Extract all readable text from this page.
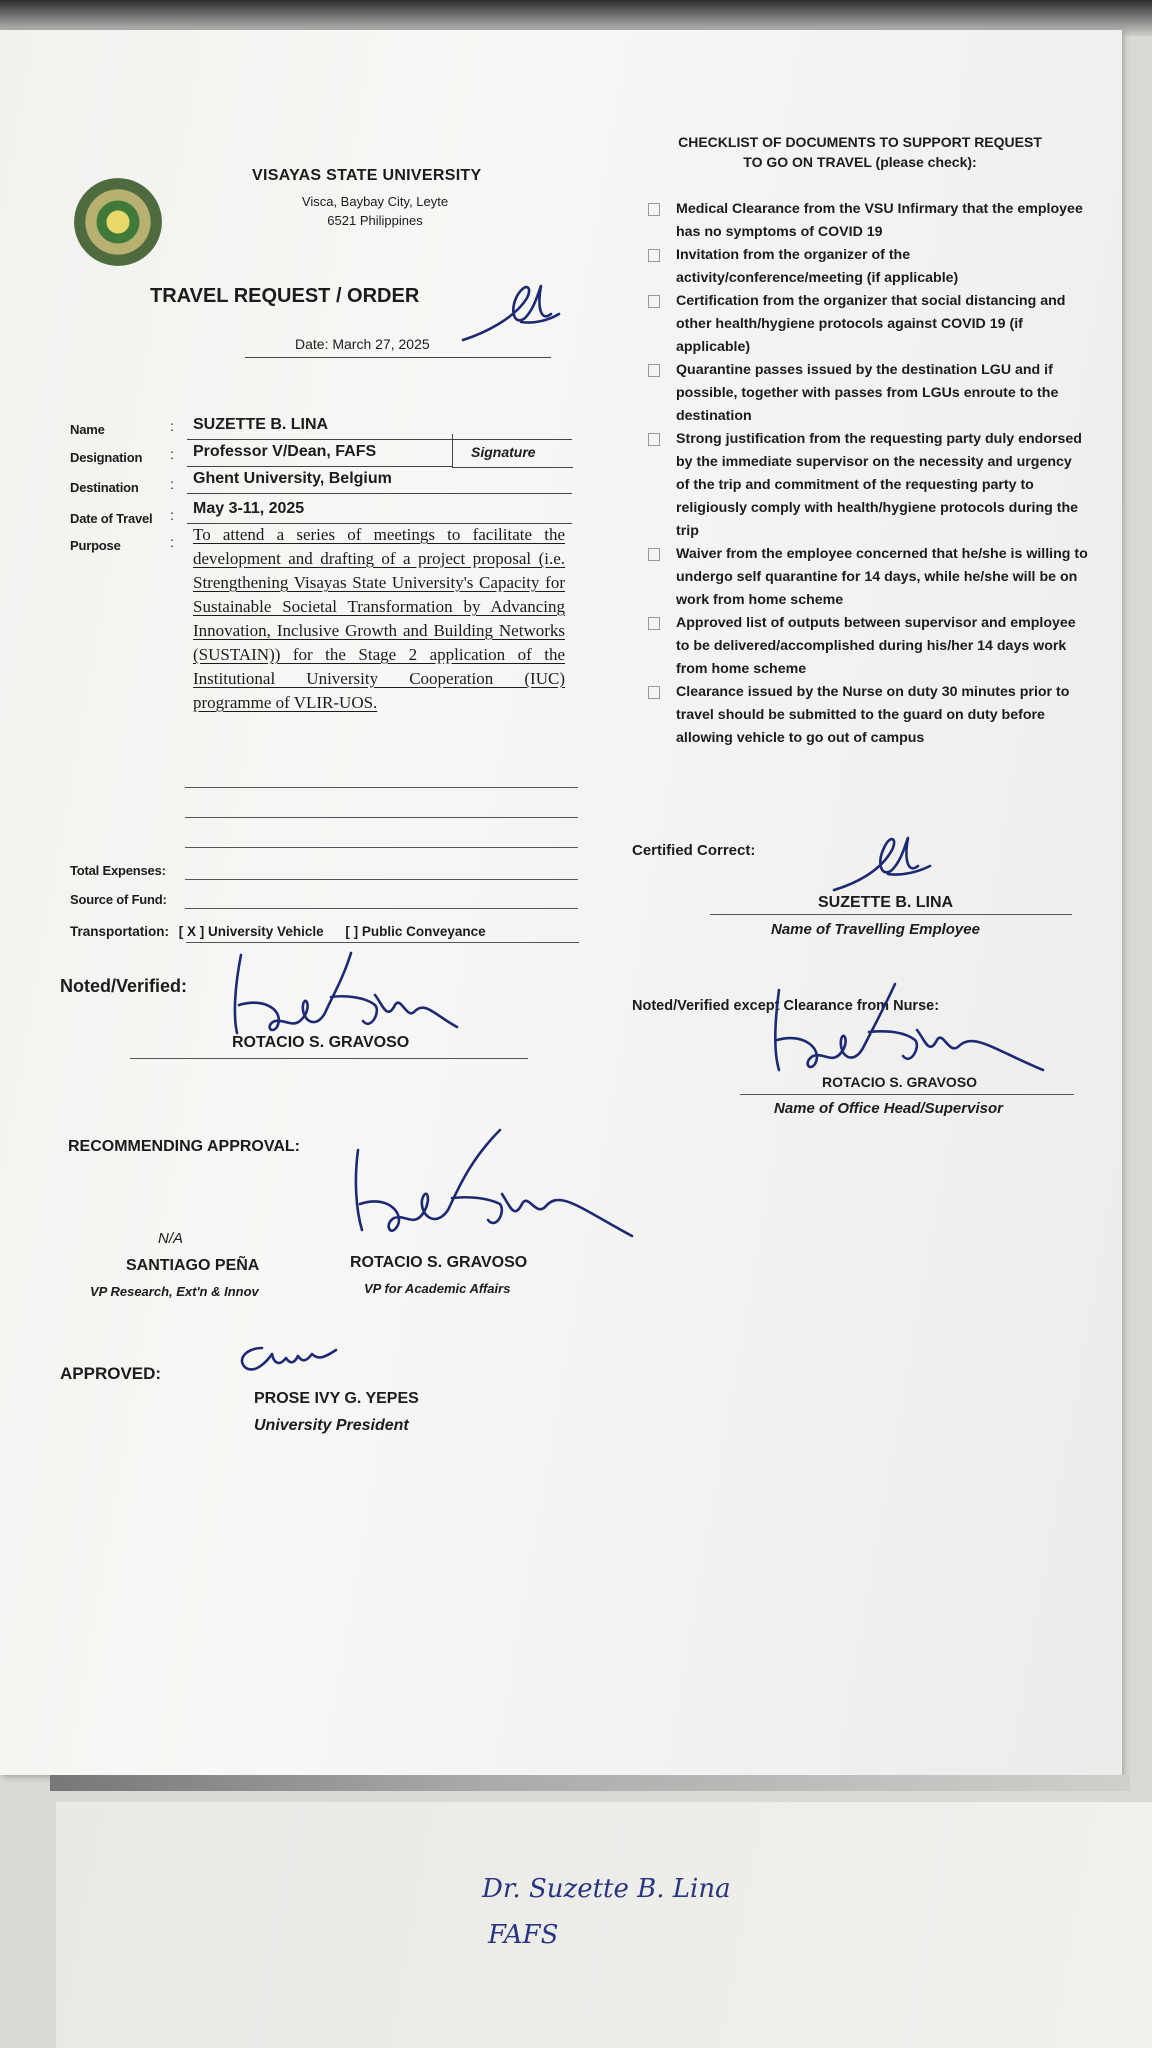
VISAYAS STATE UNIVERSITY
Visca, Baybay City, Leyte
6521 Philippines
TRAVEL REQUEST / ORDER
Date: March 27, 2025
Name	:	SUZETTE B. LINA
Designation :	Professor V/Dean, FAFS	Signature
Destination :	Ghent University, Belgium
Date of Travel :	May 3-11, 2025
Purpose	: To attend a series of meetings to facilitate the development and drafting of a project proposal (i.e. Strengthening Visayas State University's Capacity for Sustainable Societal Transformation by Advancing Innovation, Inclusive Growth and Building Networks (SUSTAIN)) for the Stage 2 application of the Institutional University Cooperation (IUC) programme of VLIR-UOS.
Total Expenses:
Source of Fund:
Transportation: [ X ] University Vehicle [ ] Public Conveyance
Noted/Verified:
ROTACIO S. GRAVOSO
RECOMMENDING APPROVAL:
N/A
SANTIAGO PEÑA
VP Research, Ext'n & Innov
ROTACIO S. GRAVOSO
VP for Academic Affairs
APPROVED:
PROSE IVY G. YEPES
University President
CHECKLIST OF DOCUMENTS TO SUPPORT REQUEST
TO GO ON TRAVEL (please check):
Medical Clearance from the VSU Infirmary that the employee has no symptoms of COVID 19
Invitation from the organizer of the activity/conference/meeting (if applicable)
Certification from the organizer that social distancing and other health/hygiene protocols against COVID 19 (if applicable)
Quarantine passes issued by the destination LGU and if possible, together with passes from LGUs enroute to the destination
Strong justification from the requesting party duly endorsed by the immediate supervisor on the necessity and urgency of the trip and commitment of the requesting party to religiously comply with health/hygiene protocols during the trip
Waiver from the employee concerned that he/she is willing to undergo self quarantine for 14 days, while he/she will be on work from home scheme
Approved list of outputs between supervisor and employee to be delivered/accomplished during his/her 14 days work from home scheme
Clearance issued by the Nurse on duty 30 minutes prior to travel should be submitted to the guard on duty before allowing vehicle to go out of campus
Certified Correct:
SUZETTE B. LINA
Name of Travelling Employee
Noted/Verified except Clearance from Nurse:
ROTACIO S. GRAVOSO
Name of Office Head/Supervisor
Dr. Suzette B. Lina
FAFS
